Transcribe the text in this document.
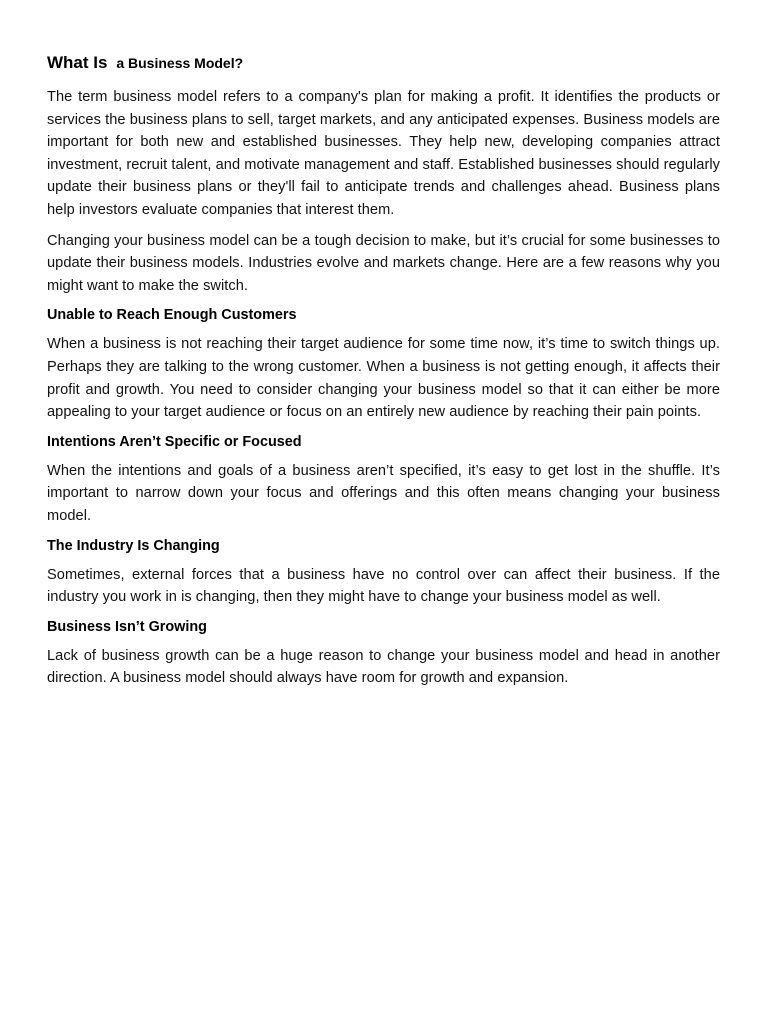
What Is a Business Model?

The term business model refers to a company's plan for making a profit. It identifies the products or services the business plans to sell, target markets, and any anticipated expenses. Business models are important for both new and established businesses. They help new, developing companies attract investment, recruit talent, and motivate management and staff. Established businesses should regularly update their business plans or they'll fail to anticipate trends and challenges ahead. Business plans help investors evaluate companies that interest them.

Changing your business model can be a tough decision to make, but it’s crucial for some businesses to update their business models. Industries evolve and markets change. Here are a few reasons why you might want to make the switch.

Unable to Reach Enough Customers

When a business is not reaching their target audience for some time now, it’s time to switch things up. Perhaps they are talking to the wrong customer. When a business is not getting enough, it affects their profit and growth. You need to consider changing your business model so that it can either be more appealing to your target audience or focus on an entirely new audience by reaching their pain points.

Intentions Aren’t Specific or Focused

When the intentions and goals of a business aren’t specified, it’s easy to get lost in the shuffle. It’s important to narrow down your focus and offerings and this often means changing your business model.

The Industry Is Changing

Sometimes, external forces that a business have no control over can affect their business. If the industry you work in is changing, then they might have to change your business model as well.

Business Isn’t Growing

Lack of business growth can be a huge reason to change your business model and head in another direction. A business model should always have room for growth and expansion.
